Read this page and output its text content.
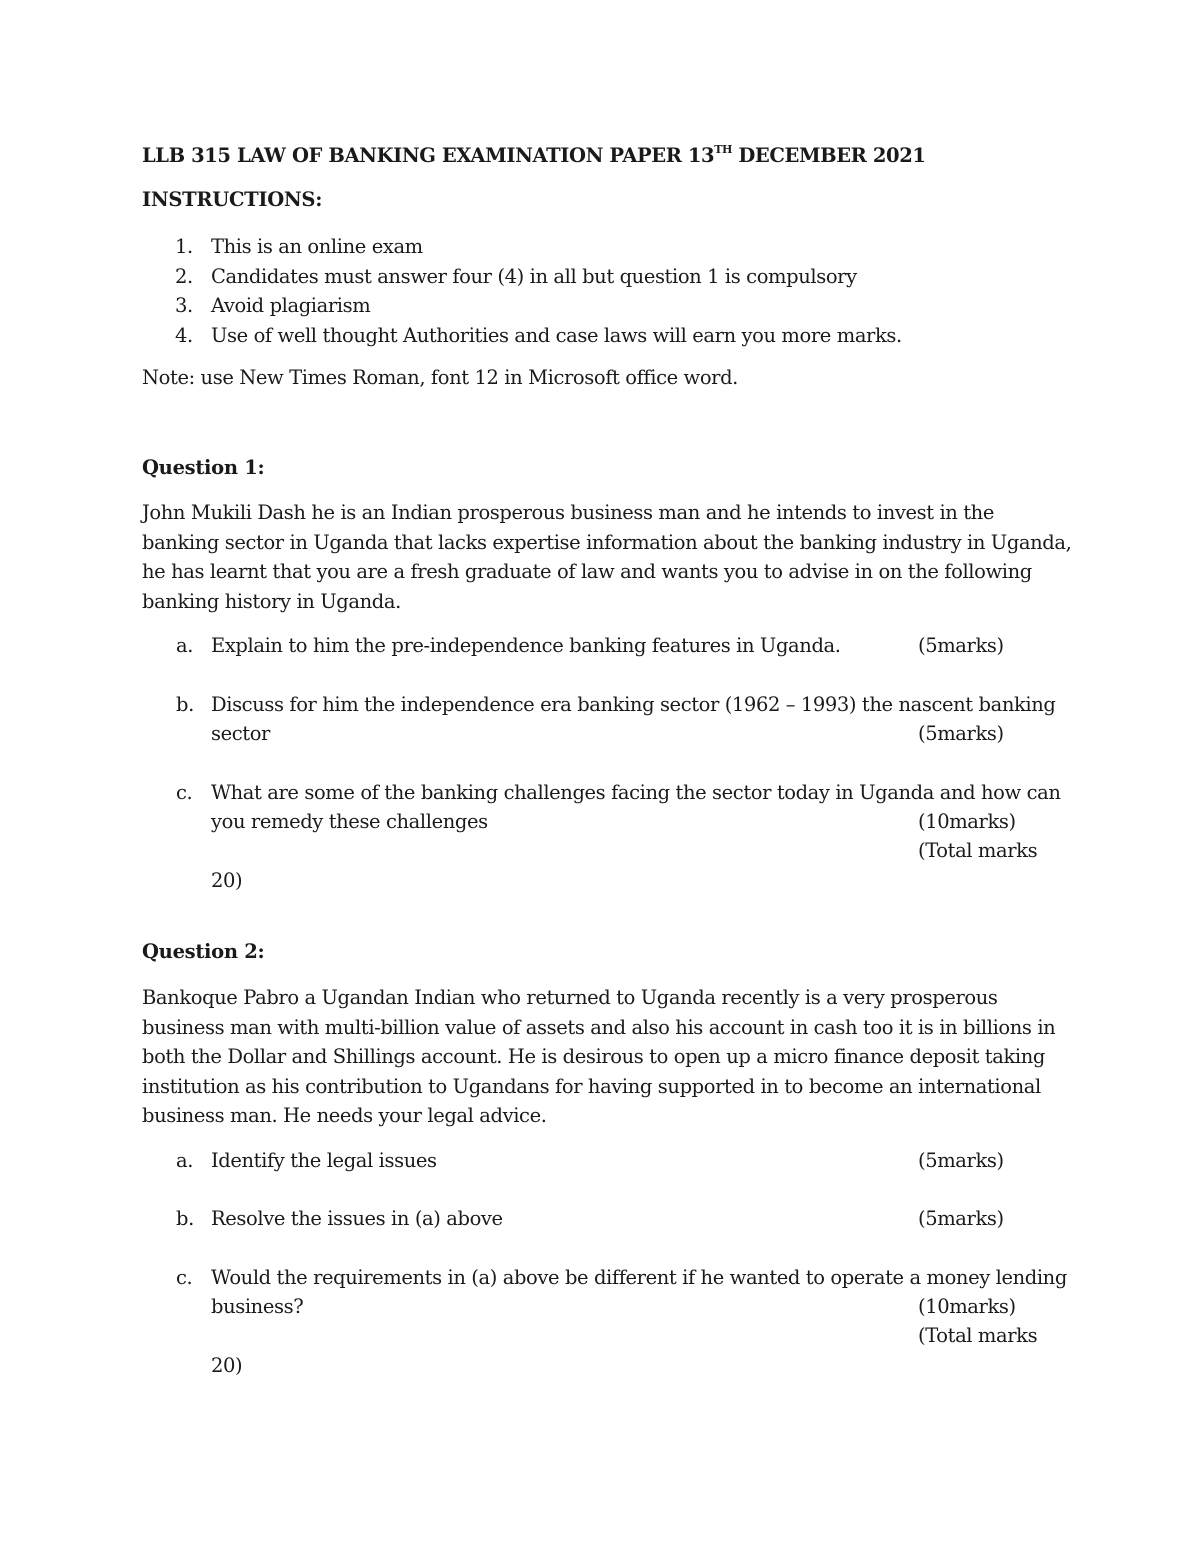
LLB 315 LAW OF BANKING EXAMINATION PAPER 13TH DECEMBER 2021
INSTRUCTIONS:
1. This is an online exam
2. Candidates must answer four (4) in all but question 1 is compulsory
3. Avoid plagiarism
4. Use of well thought Authorities and case laws will earn you more marks.
Note: use New Times Roman, font 12 in Microsoft office word.
Question 1:
John Mukili Dash he is an Indian prosperous business man and he intends to invest in the
banking sector in Uganda that lacks expertise information about the banking industry in Uganda,
he has learnt that you are a fresh graduate of law and wants you to advise in on the following
banking history in Uganda.
a. Explain to him the pre-independence banking features in Uganda.	(5marks)
b. Discuss for him the independence era banking sector (1962 – 1993) the nascent banking
sector	(5marks)
c. What are some of the banking challenges facing the sector today in Uganda and how can
you remedy these challenges	(10marks)
(Total marks
20)
Question 2:
Bankoque Pabro a Ugandan Indian who returned to Uganda recently is a very prosperous
business man with multi-billion value of assets and also his account in cash too it is in billions in
both the Dollar and Shillings account. He is desirous to open up a micro finance deposit taking
institution as his contribution to Ugandans for having supported in to become an international
business man. He needs your legal advice.
a. Identify the legal issues	(5marks)
b. Resolve the issues in (a) above	(5marks)
c. Would the requirements in (a) above be different if he wanted to operate a money lending
business?	(10marks)
(Total marks
20)
